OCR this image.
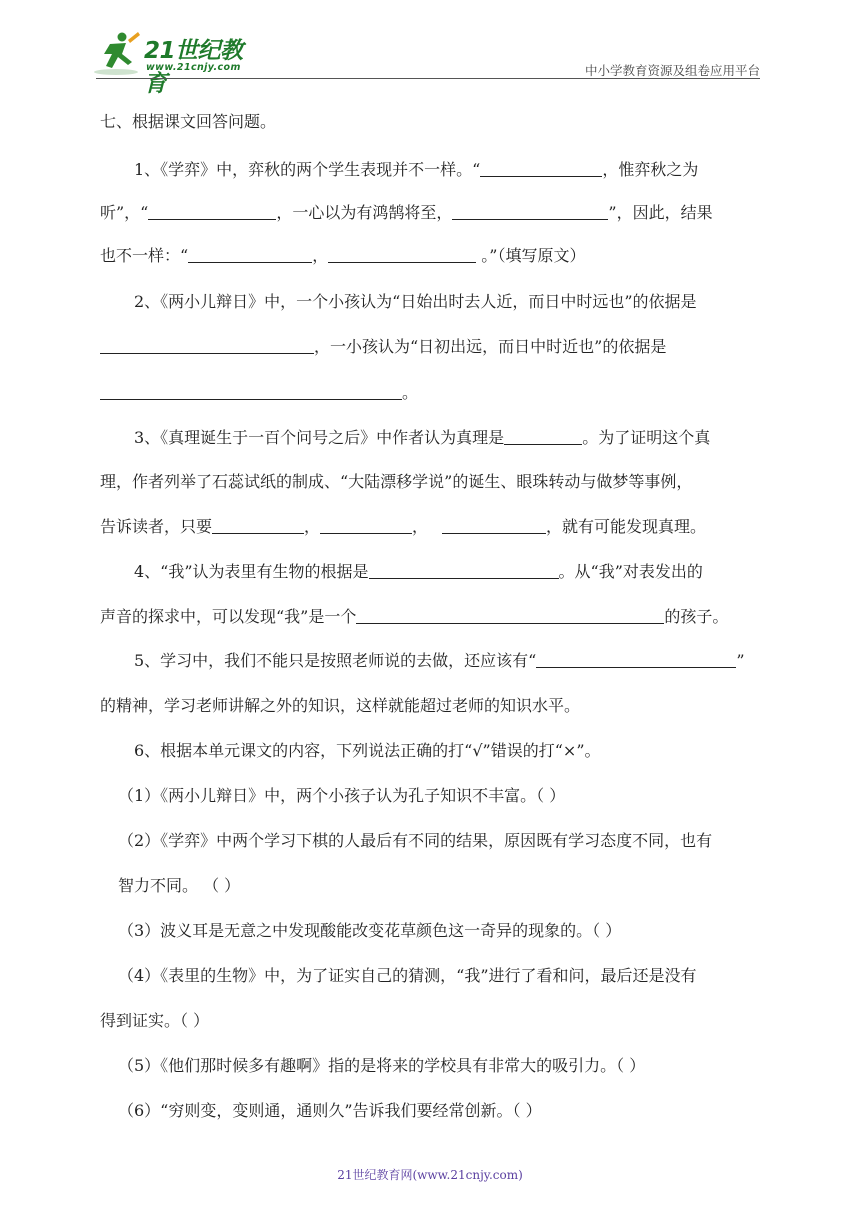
21世纪教育
www.21cnjy.com	中小学教育资源及组卷应用平台
七、根据课文回答问题。
1、《学弈》中，弈秋的两个学生表现并不一样。“	，惟弈秋之为
听”，“	，一心以为有鸿鹄将至，	”，因此，结果
也不一样：“	，	。”（填写原文）
2、《两小儿辩日》中，一个小孩认为“日始出时去人近，而日中时远也”的依据是
，一小孩认为“日初出远，而日中时近也”的依据是
。
3、《真理诞生于一百个问号之后》中作者认为真理是	。为了证明这个真
理，作者列举了石蕊试纸的制成、“大陆漂移学说”的诞生、眼珠转动与做梦等事例，
告诉读者，只要	，	，	，就有可能发现真理。
4、“我”认为表里有生物的根据是	。从“我”对表发出的
声音的探求中，可以发现“我”是一个	的孩子。
5、学习中，我们不能只是按照老师说的去做，还应该有“	”
的精神，学习老师讲解之外的知识，这样就能超过老师的知识水平。
6、根据本单元课文的内容，下列说法正确的打“√”错误的打“×”。
（1）《两小儿辩日》中，两个小孩子认为孔子知识不丰富。（ ）
（2）《学弈》中两个学习下棋的人最后有不同的结果，原因既有学习态度不同，也有
智力不同。 （ ）
（3）波义耳是无意之中发现酸能改变花草颜色这一奇异的现象的。（ ）
（4）《表里的生物》中，为了证实自己的猜测，“我”进行了看和问，最后还是没有
得到证实。（ ）
（5）《他们那时候多有趣啊》指的是将来的学校具有非常大的吸引力。（ ）
（6）“穷则变，变则通，通则久”告诉我们要经常创新。（ ）
21世纪教育网(www.21cnjy.com)
